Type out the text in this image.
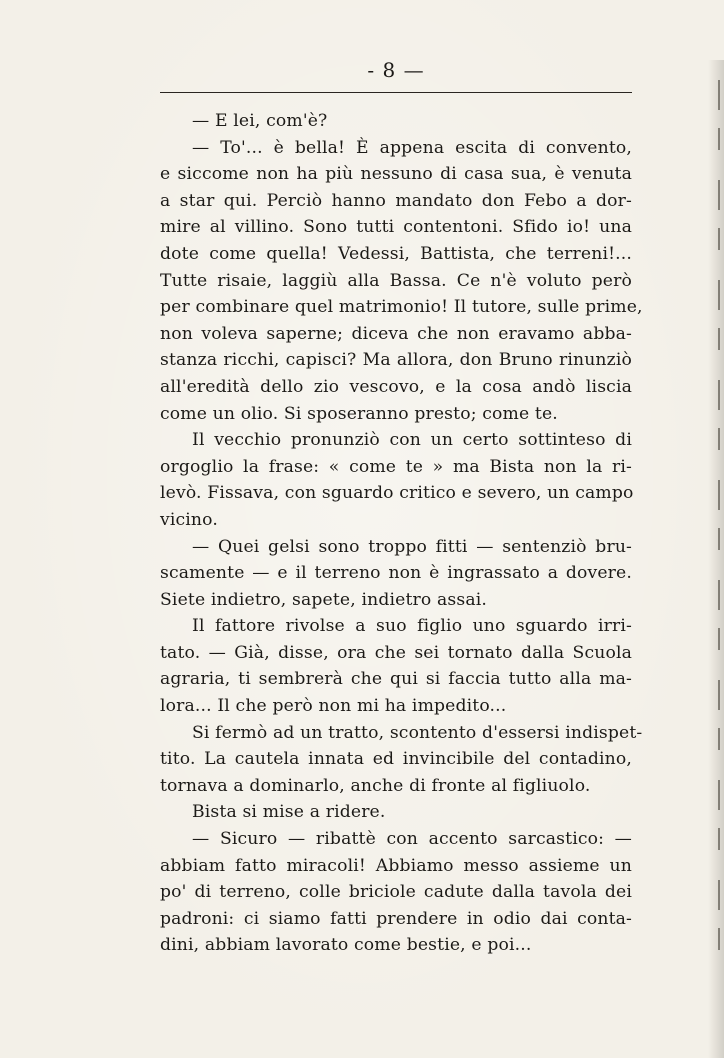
- 8 —
— E lei, com'è?
— To'... è bella! È appena escita di convento,
e siccome non ha più nessuno di casa sua, è venuta
a star qui. Perciò hanno mandato don Febo a dor-
mire al villino. Sono tutti contentoni. Sfido io! una
dote come quella! Vedessi, Battista, che terreni!...
Tutte risaie, laggiù alla Bassa. Ce n'è voluto però
per combinare quel matrimonio! Il tutore, sulle prime,
non voleva saperne; diceva che non eravamo abba-
stanza ricchi, capisci? Ma allora, don Bruno rinunziò
all'eredità dello zio vescovo, e la cosa andò liscia
come un olio. Si sposeranno presto; come te.
Il vecchio pronunziò con un certo sottinteso di
orgoglio la frase: « come te » ma Bista non la ri-
levò. Fissava, con sguardo critico e severo, un campo
vicino.
— Quei gelsi sono troppo fitti — sentenziò bru-
scamente — e il terreno non è ingrassato a dovere.
Siete indietro, sapete, indietro assai.
Il fattore rivolse a suo figlio uno sguardo irri-
tato. — Già, disse, ora che sei tornato dalla Scuola
agraria, ti sembrerà che qui si faccia tutto alla ma-
lora... Il che però non mi ha impedito...
Si fermò ad un tratto, scontento d'essersi indispet-
tito. La cautela innata ed invincibile del contadino,
tornava a dominarlo, anche di fronte al figliuolo.
Bista si mise a ridere.
— Sicuro — ribattè con accento sarcastico: —
abbiam fatto miracoli! Abbiamo messo assieme un
po' di terreno, colle briciole cadute dalla tavola dei
padroni: ci siamo fatti prendere in odio dai conta-
dini, abbiam lavorato come bestie, e poi...
